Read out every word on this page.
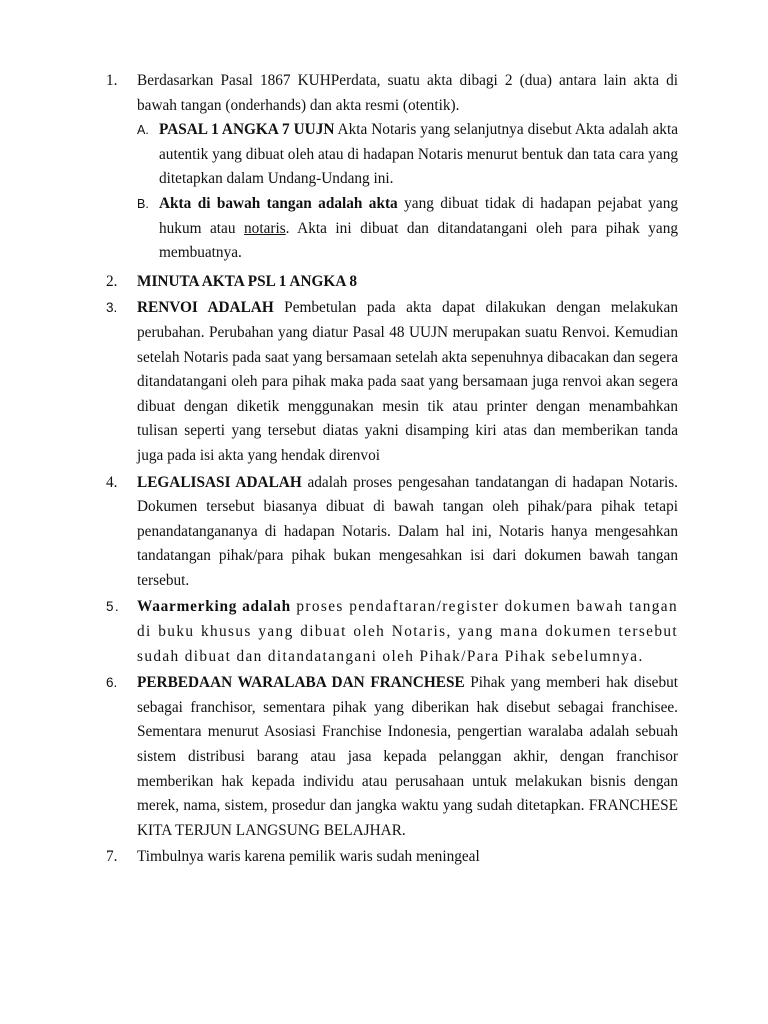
1. Berdasarkan Pasal 1867 KUHPerdata, suatu akta dibagi 2 (dua) antara lain akta di bawah tangan (onderhands) dan akta resmi (otentik).
A. PASAL 1 ANGKA 7 UUJN Akta Notaris yang selanjutnya disebut Akta adalah akta autentik yang dibuat oleh atau di hadapan Notaris menurut bentuk dan tata cara yang ditetapkan dalam Undang-Undang ini.
B. Akta di bawah tangan adalah akta yang dibuat tidak di hadapan pejabat yang hukum atau notaris. Akta ini dibuat dan ditandatangani oleh para pihak yang membuatnya.
2. MINUTA AKTA PSL 1 ANGKA 8
3. RENVOI ADALAH Pembetulan pada akta dapat dilakukan dengan melakukan perubahan. Perubahan yang diatur Pasal 48 UUJN merupakan suatu Renvoi. Kemudian setelah Notaris pada saat yang bersamaan setelah akta sepenuhnya dibacakan dan segera ditandatangani oleh para pihak maka pada saat yang bersamaan juga renvoi akan segera dibuat dengan diketik menggunakan mesin tik atau printer dengan menambahkan tulisan seperti yang tersebut diatas yakni disamping kiri atas dan memberikan tanda juga pada isi akta yang hendak direnvoi
4. LEGALISASI ADALAH adalah proses pengesahan tandatangan di hadapan Notaris. Dokumen tersebut biasanya dibuat di bawah tangan oleh pihak/para pihak tetapi penandatangananya di hadapan Notaris. Dalam hal ini, Notaris hanya mengesahkan tandatangan pihak/para pihak bukan mengesahkan isi dari dokumen bawah tangan tersebut.
5. Waarmerking adalah proses pendaftaran/register dokumen bawah tangan di buku khusus yang dibuat oleh Notaris, yang mana dokumen tersebut sudah dibuat dan ditandatangani oleh Pihak/Para Pihak sebelumnya.
6. PERBEDAAN WARALABA DAN FRANCHESE Pihak yang memberi hak disebut sebagai franchisor, sementara pihak yang diberikan hak disebut sebagai franchisee. Sementara menurut Asosiasi Franchise Indonesia, pengertian waralaba adalah sebuah sistem distribusi barang atau jasa kepada pelanggan akhir, dengan franchisor memberikan hak kepada individu atau perusahaan untuk melakukan bisnis dengan merek, nama, sistem, prosedur dan jangka waktu yang sudah ditetapkan. FRANCHESE KITA TERJUN LANGSUNG BELAJHAR.
7. Timbulnya waris karena pemilik waris sudah meningeal
